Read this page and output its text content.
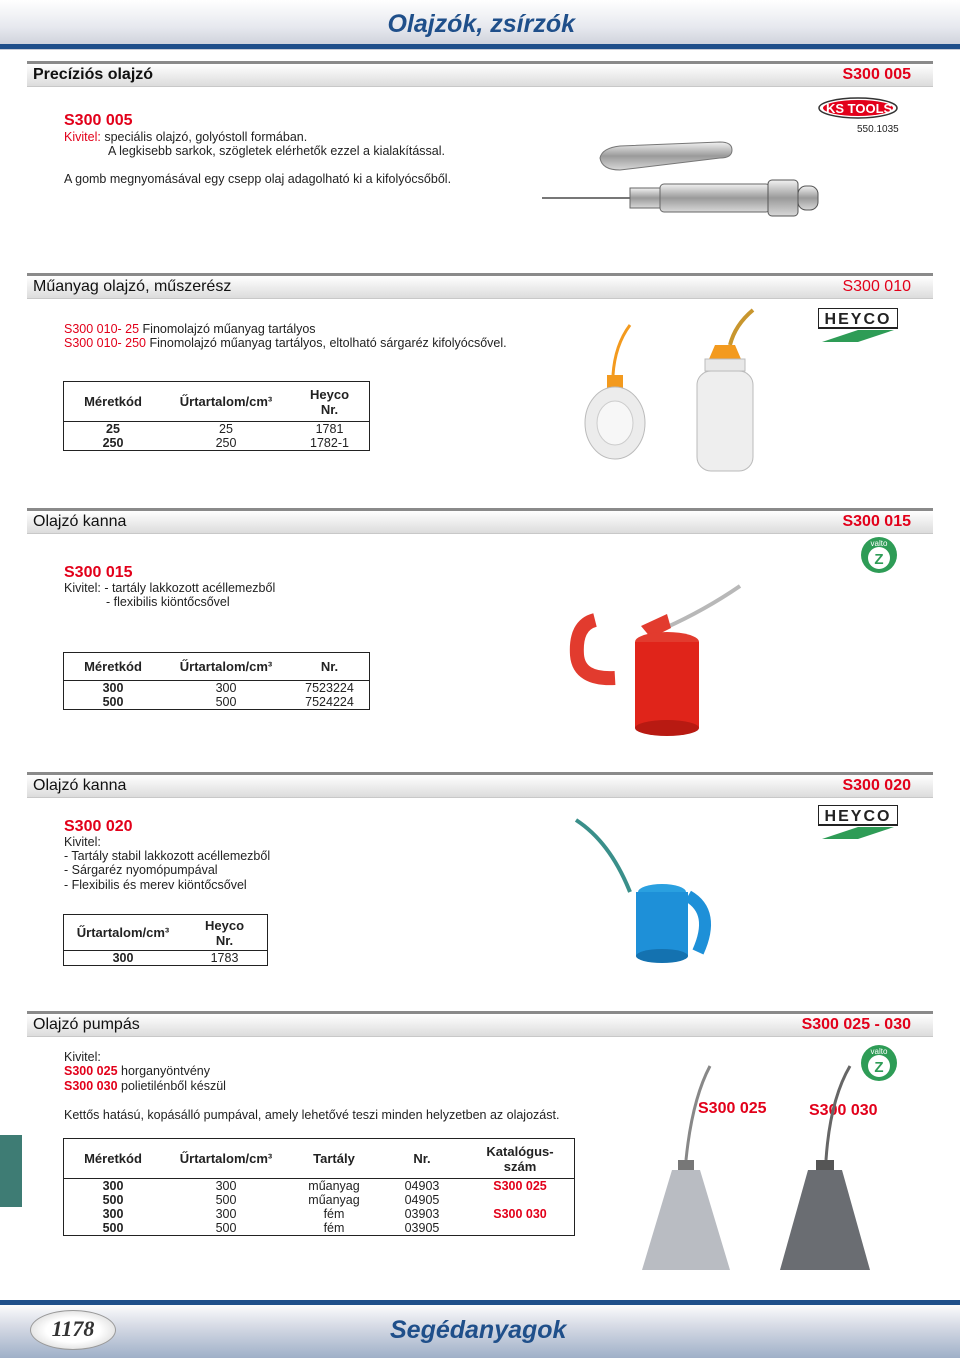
Olajzók, zsírzók
Precíziós olajzó	S300 005
S300 005
Kivitel: speciális olajzó, golyóstoll formában.
A legkisebb sarkok, szögletek elérhetők ezzel a kialakítással.
A gomb megnyomásával egy csepp olaj adagolható ki a kifolyócsőből.
KS TOOLS
550.1035
Műanyag olajzó, műszerész	S300 010
S300 010- 25 Finomolajzó műanyag tartályos
S300 010- 250 Finomolajzó műanyag tartályos, eltolható sárgaréz kifolyócsővel.
HEYCO
Méretkód	Űrtartalom/cm³	Heyco
Nr.

25	25	1781
250	250	1782-1
Olajzó kanna	S300 015
S300 015
Kivitel: - tartály lakkozott acéllemezből
- flexibilis kiöntőcsővel
valto
Z
Méretkód	Űrtartalom/cm³	Nr.
300	300	7523224
500	500	7524224
Olajzó kanna	S300 020
S300 020
Kivitel:
- Tartály stabil lakkozott acéllemezből
- Sárgaréz nyomópumpával
- Flexibilis és merev kiöntőcsővel
HEYCO
Űrtartalom/cm³	Heyco
Nr.

300	1783
Olajzó pumpás	S300 025 - 030
Kivitel:
S300 025 horganyöntvény
S300 030 polietilénből készül
Kettős hatású, kopásálló pumpával, amely lehetővé teszi minden helyzetben az olajozást.
valto
Z
S300 025	S300 030
Méretkód	Űrtartalom/cm³	Tartály	Nr.	Katalógus-
szám

300	300	műanyag	04903	S300 025
500	500	műanyag	04905	
300	300	fém	03903	S300 030
500	500	fém	03905	
1178	Segédanyagok
